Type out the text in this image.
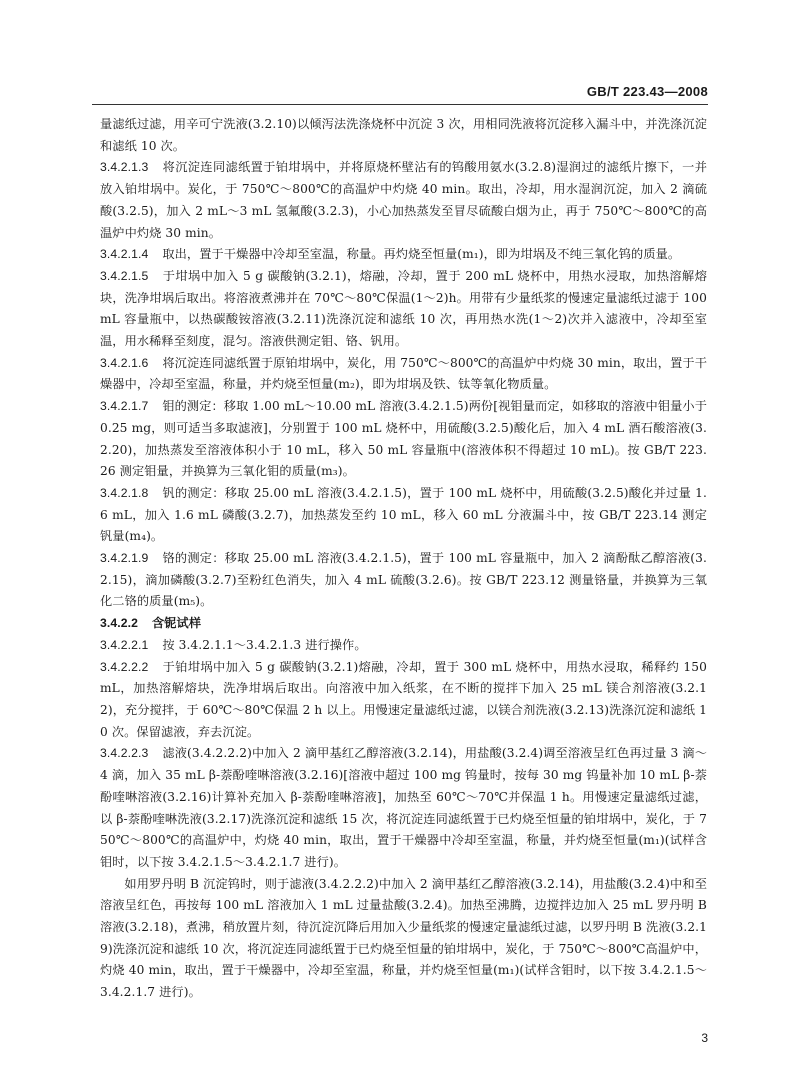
GB/T 223.43—2008

量滤纸过滤，用辛可宁洗液(3.2.10)以倾泻法洗涤烧杯中沉淀 3 次，用相同洗液将沉淀移入漏斗中，并洗涤沉淀和滤纸 10 次。

3.4.2.1.3 将沉淀连同滤纸置于铂坩埚中，并将原烧杯壁沾有的钨酸用氨水(3.2.8)湿润过的滤纸片擦下，一并放入铂坩埚中。炭化，于 750℃～800℃的高温炉中灼烧 40 min。取出，冷却，用水湿润沉淀，加入 2 滴硫酸(3.2.5)，加入 2 mL～3 mL 氢氟酸(3.2.3)，小心加热蒸发至冒尽硫酸白烟为止，再于 750℃～800℃的高温炉中灼烧 30 min。

3.4.2.1.4 取出，置于干燥器中冷却至室温，称量。再灼烧至恒量(m₁)，即为坩埚及不纯三氧化钨的质量。

3.4.2.1.5 于坩埚中加入 5 g 碳酸钠(3.2.1)，熔融，冷却，置于 200 mL 烧杯中，用热水浸取，加热溶解熔块，洗净坩埚后取出。将溶液煮沸并在 70℃～80℃保温(1～2)h。用带有少量纸浆的慢速定量滤纸过滤于 100 mL 容量瓶中，以热碳酸铵溶液(3.2.11)洗涤沉淀和滤纸 10 次，再用热水洗(1～2)次并入滤液中，冷却至室温，用水稀释至刻度，混匀。溶液供测定钼、铬、钒用。

3.4.2.1.6 将沉淀连同滤纸置于原铂坩埚中，炭化，用 750℃～800℃的高温炉中灼烧 30 min，取出，置于干燥器中，冷却至室温，称量，并灼烧至恒量(m₂)，即为坩埚及铁、钛等氧化物质量。

3.4.2.1.7 钼的测定：移取 1.00 mL～10.00 mL 溶液(3.4.2.1.5)两份[视钼量而定，如移取的溶液中钼量小于 0.25 mg，则可适当多取滤液]，分别置于 100 mL 烧杯中，用硫酸(3.2.5)酸化后，加入 4 mL 酒石酸溶液(3.2.20)，加热蒸发至溶液体积小于 10 mL，移入 50 mL 容量瓶中(溶液体积不得超过 10 mL)。按 GB/T 223.26 测定钼量，并换算为三氧化钼的质量(m₃)。

3.4.2.1.8 钒的测定：移取 25.00 mL 溶液(3.4.2.1.5)，置于 100 mL 烧杯中，用硫酸(3.2.5)酸化并过量 1.6 mL，加入 1.6 mL 磷酸(3.2.7)，加热蒸发至约 10 mL，移入 60 mL 分液漏斗中，按 GB/T 223.14 测定钒量(m₄)。

3.4.2.1.9 铬的测定：移取 25.00 mL 溶液(3.4.2.1.5)，置于 100 mL 容量瓶中，加入 2 滴酚酞乙醇溶液(3.2.15)，滴加磷酸(3.2.7)至粉红色消失，加入 4 mL 硫酸(3.2.6)。按 GB/T 223.12 测量铬量，并换算为三氧化二铬的质量(m₅)。

3.4.2.2 含铌试样

3.4.2.2.1 按 3.4.2.1.1～3.4.2.1.3 进行操作。

3.4.2.2.2 于铂坩埚中加入 5 g 碳酸钠(3.2.1)熔融，冷却，置于 300 mL 烧杯中，用热水浸取，稀释约 150 mL，加热溶解熔块，洗净坩埚后取出。向溶液中加入纸浆，在不断的搅拌下加入 25 mL 镁合剂溶液(3.2.12)，充分搅拌，于 60℃～80℃保温 2 h 以上。用慢速定量滤纸过滤，以镁合剂洗液(3.2.13)洗涤沉淀和滤纸 10 次。保留滤液，弃去沉淀。

3.4.2.2.3 滤液(3.4.2.2.2)中加入 2 滴甲基红乙醇溶液(3.2.14)，用盐酸(3.2.4)调至溶液呈红色再过量 3 滴～4 滴，加入 35 mL β-萘酚喹啉溶液(3.2.16)[溶液中超过 100 mg 钨量时，按每 30 mg 钨量补加 10 mL β-萘酚喹啉溶液(3.2.16)计算补充加入 β-萘酚喹啉溶液]，加热至 60℃～70℃并保温 1 h。用慢速定量滤纸过滤，以 β-萘酚喹啉洗液(3.2.17)洗涤沉淀和滤纸 15 次，将沉淀连同滤纸置于已灼烧至恒量的铂坩埚中，炭化，于 750℃～800℃的高温炉中，灼烧 40 min，取出，置于干燥器中冷却至室温，称量，并灼烧至恒量(m₁)(试样含钼时，以下按 3.4.2.1.5～3.4.2.1.7 进行)。

如用罗丹明 B 沉淀钨时，则于滤液(3.4.2.2.2)中加入 2 滴甲基红乙醇溶液(3.2.14)，用盐酸(3.2.4)中和至溶液呈红色，再按每 100 mL 溶液加入 1 mL 过量盐酸(3.2.4)。加热至沸腾，边搅拌边加入 25 mL 罗丹明 B 溶液(3.2.18)，煮沸，稍放置片刻，待沉淀沉降后用加入少量纸浆的慢速定量滤纸过滤，以罗丹明 B 洗液(3.2.19)洗涤沉淀和滤纸 10 次，将沉淀连同滤纸置于已灼烧至恒量的铂坩埚中，炭化，于 750℃～800℃高温炉中，灼烧 40 min，取出，置于干燥器中，冷却至室温，称量，并灼烧至恒量(m₁)(试样含钼时，以下按 3.4.2.1.5～3.4.2.1.7 进行)。

3
